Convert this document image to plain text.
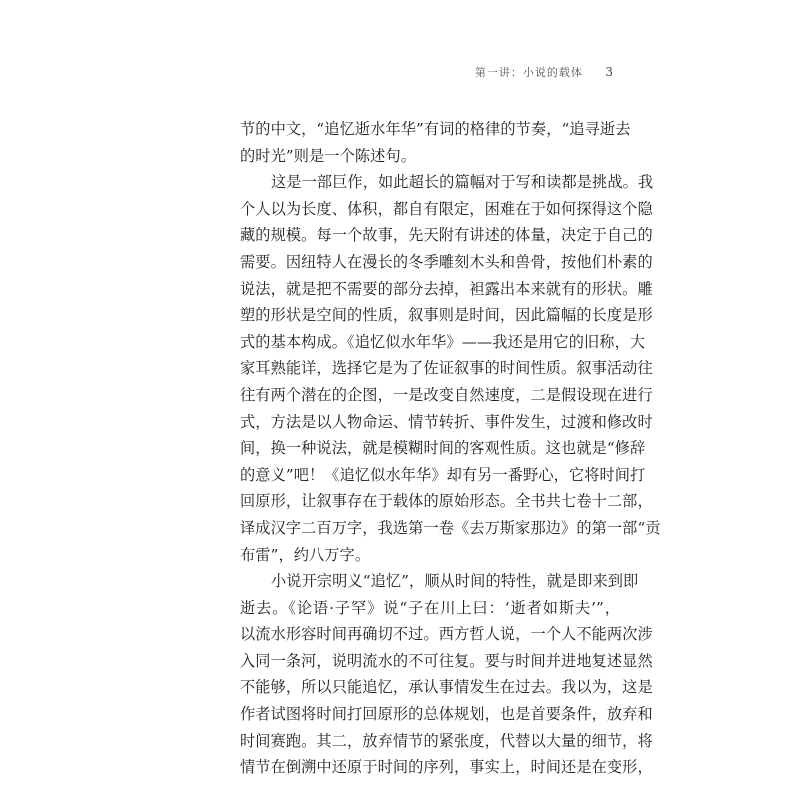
第一讲：小说的载体 3
节的中文，“追忆逝水年华”有词的格律的节奏，“追寻逝去
的时光”则是一个陈述句。
这是一部巨作，如此超长的篇幅对于写和读都是挑战。我
个人以为长度、体积，都自有限定，困难在于如何探得这个隐
藏的规模。每一个故事，先天附有讲述的体量，决定于自己的
需要。因纽特人在漫长的冬季雕刻木头和兽骨，按他们朴素的
说法，就是把不需要的部分去掉，袒露出本来就有的形状。雕
塑的形状是空间的性质，叙事则是时间，因此篇幅的长度是形
式的基本构成。《追忆似水年华》——我还是用它的旧称，大
家耳熟能详，选择它是为了佐证叙事的时间性质。叙事活动往
往有两个潜在的企图，一是改变自然速度，二是假设现在进行
式，方法是以人物命运、情节转折、事件发生，过渡和修改时
间，换一种说法，就是模糊时间的客观性质。这也就是“修辞
的意义”吧！《追忆似水年华》却有另一番野心，它将时间打
回原形，让叙事存在于载体的原始形态。全书共七卷十二部，
译成汉字二百万字，我选第一卷《去万斯家那边》的第一部“贡
布雷”，约八万字。
小说开宗明义“追忆”，顺从时间的特性，就是即来到即
逝去。《论语·子罕》说“子在川上曰：‘逝者如斯夫’”，
以流水形容时间再确切不过。西方哲人说，一个人不能两次涉
入同一条河，说明流水的不可往复。要与时间并进地复述显然
不能够，所以只能追忆，承认事情发生在过去。我以为，这是
作者试图将时间打回原形的总体规划，也是首要条件，放弃和
时间赛跑。其二，放弃情节的紧张度，代替以大量的细节，将
情节在倒溯中还原于时间的序列，事实上，时间还是在变形，
